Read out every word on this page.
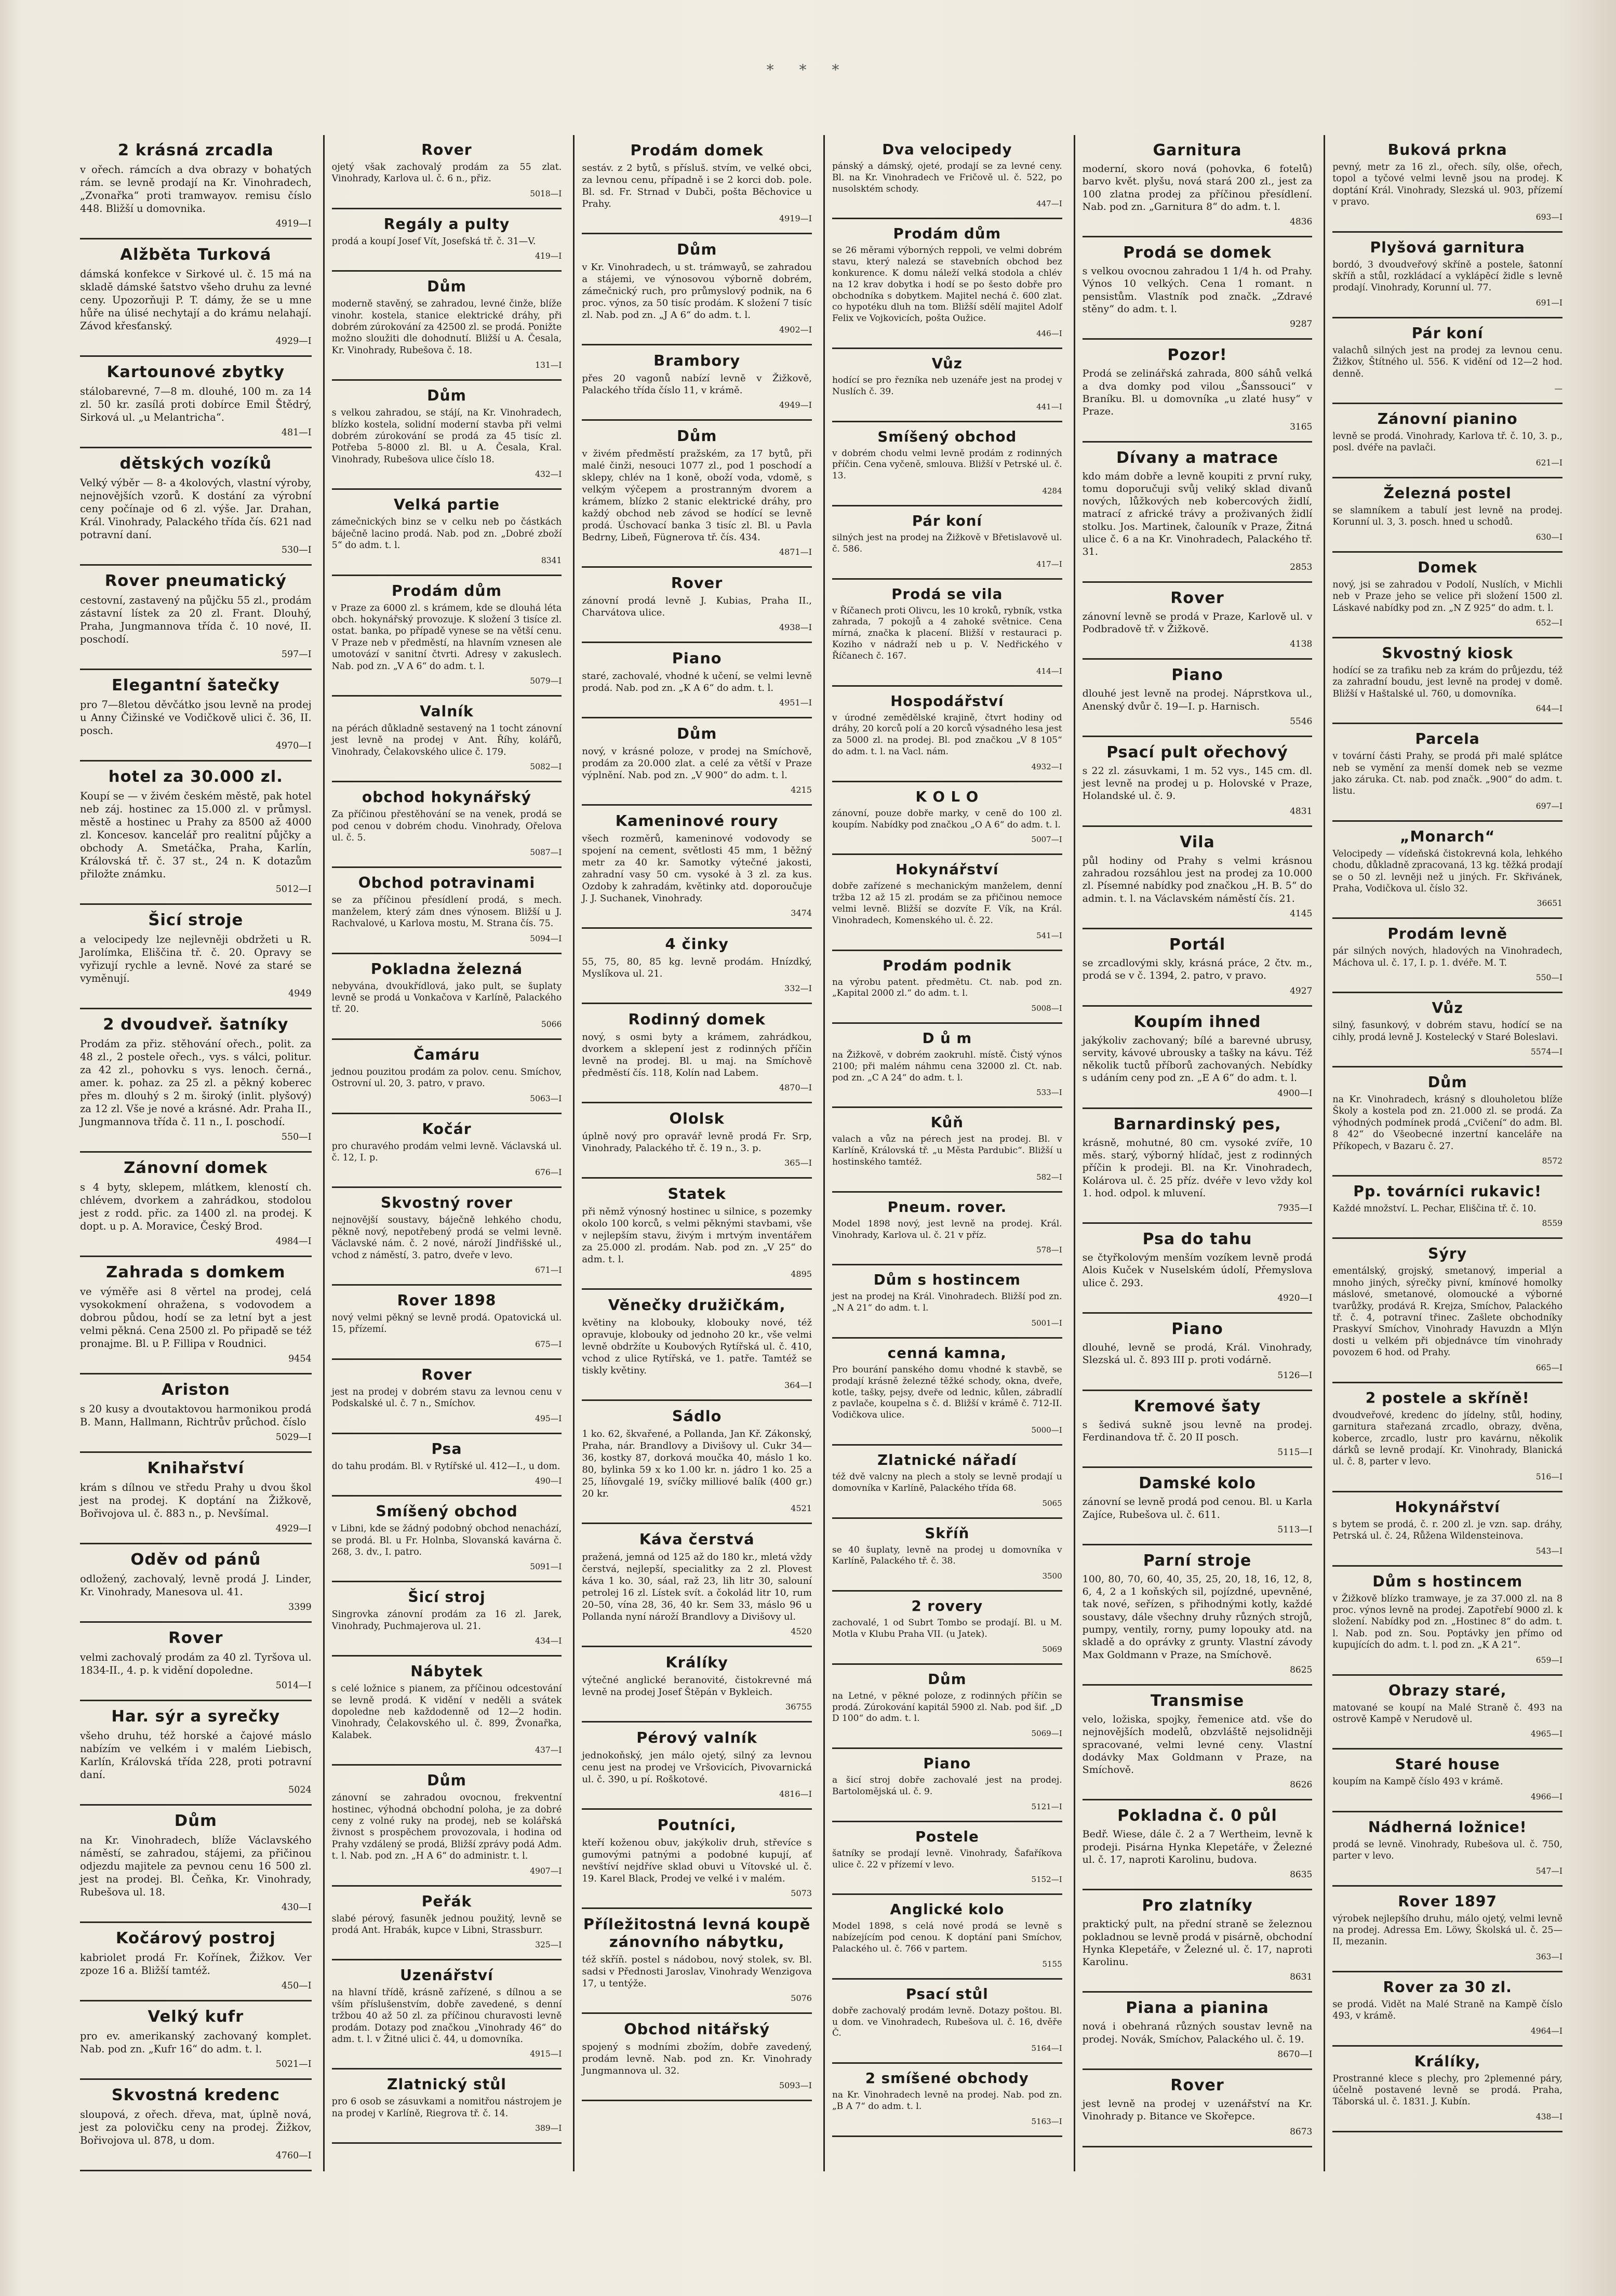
* * *
2 krásná zrcadla

v ořech. rámcích a dva obrazy v bohatých rám. se levně prodají na Kr. Vinohradech, „Zvonařka“ proti tramwayov. remisu číslo 448. Bližší u domovnika.

4919—I
Alžběta Turková

dámská konfekce v Sirkové ul. č. 15 má na skladě dámské šatstvo všeho druhu za levné ceny. Upozorňuji P. T. dámy, že se u mne hůře na úlisé nechytají a do krámu nelahají. Závod křesťanský.

4929—I
Kartounové zbytky

stálobarevné, 7—8 m. dlouhé, 100 m. za 14 zl. 50 kr. zasílá proti dobírce Emil Štědrý, Sirková ul. „u Melantricha“.

481—I
dětských vozíků

Velký výběr — 8- a 4kolových, vlastní výroby, nejnovějších vzorů. K dostání za výrobní ceny počínaje od 6 zl. výše. Jar. Drahan, Král. Vinohrady, Palackého třída čís. 621 nad potravní daní.

530—I
Rover pneumatický

cestovní, zastavený na půjčku 55 zl., prodám zástavní lístek za 20 zl. Frant. Dlouhý, Praha, Jungmannova třída č. 10 nové, II. poschodí.

597—I
Elegantní šatečky

pro 7—8letou děvčátko jsou levně na prodej u Anny Čižinské ve Vodičkově ulici č. 36, II. posch.

4970—I
hotel za 30.000 zl.

Koupí se — v živém českém městě, pak hotel neb záj. hostinec za 15.000 zl. v průmysl. městě a hostinec u Prahy za 8500 až 4000 zl. Koncesov. kancelář pro realitní půjčky a obchody A. Smetáčka, Praha, Karlín, Královská tř. č. 37 st., 24 n. K dotazům přiložte známku.

5012—I
Šicí stroje

a velocipedy lze nejlevněji obdržeti u R. Jarolímka, Eliščina tř. č. 20. Opravy se vyřizují rychle a levně. Nové za staré se vyměnují.

4949
2 dvoudveř. šatníky

Prodám za přiz. stěhování ořech., polit. za 48 zl., 2 postele ořech., vys. s válci, politur. za 42 zl., pohovku s vys. lenoch. černá., amer. k. pohaz. za 25 zl. a pěkný koberec přes m. dlouhý s 2 m. široký (inlit. plyšový) za 12 zl. Vše je nové a krásné. Adr. Praha II., Jungmannova třída č. 11 n., I. poschodí.

550—I
Zánovní domek

s 4 byty, sklepem, mlátkem, kleností ch. chlévem, dvorkem a zahrádkou, stodolou jest z rodd. přic. za 1400 zl. na prodej. K dopt. u p. A. Moravice, Český Brod.

4984—I
Zahrada s domkem

ve výměře asi 8 věrtel na prodej, celá vysokokmení ohražena, s vodovodem a dobrou půdou, hodí se za letní byt a jest velmi pěkná. Cena 2500 zl. Po připadě se též pronajme. Bl. u P. Fillipa v Roudnici.

9454
Ariston

s 20 kusy a dvoutaktovou harmonikou prodá B. Mann, Hallmann, Richtrův průchod. číslo

5029—I
Knihařství

krám s dílnou ve středu Prahy u dvou škol jest na prodej. K doptání na Žižkově, Bořivojova ul. č. 883 n., p. Nevšímal.

4929—I
Oděv od pánů

odložený, zachovalý, levně prodá J. Linder, Kr. Vinohrady, Manesova ul. 41.

3399
Rover

velmi zachovalý prodám za 40 zl. Tyršova ul. 1834-II., 4. p. k vidění dopoledne.

5014—I
Har. sýr a syrečky

všeho druhu, též horské a čajové máslo nabízím ve velkém i v malém Liebisch, Karlín, Královská třída 228, proti potravní daní.

5024
Dům

na Kr. Vinohradech, blíže Václavského náměstí, se zahradou, stájemi, za přičinou odjezdu majitele za pevnou cenu 16 500 zl. jest na prodej. Bl. Čeňka, Kr. Vinohrady, Rubešova ul. 18.

430—I
Kočárový postroj

kabriolet prodá Fr. Kořínek, Žižkov. Ver zpoze 16 a. Bližší tamtéž.

450—I
Velký kufr

pro ev. amerikanský zachovaný komplet. Nab. pod zn. „Kufr 16“ do adm. t. l.

5021—I
Skvostná kredenc

sloupová, z ořech. dřeva, mat, úplně nová, jest za polovičku ceny na prodej. Žižkov, Bořivojova ul. 878, u dom.

4760—I
Rover

ojetý však zachovalý prodám za 55 zlat. Vinohrady, Karlova ul. č. 6 n., přiz.

5018—I
Regály a pulty

prodá a koupí Josef Vít, Josefská tř. č. 31—V.

419—I
Dům

moderně stavěný, se zahradou, levné činže, blíže vinohr. kostela, stanice elektrické dráhy, při dobrém zúrokování za 42500 zl. se prodá. Ponižte možno sloužiti dle dohodnutí. Bližší u A. Česala, Kr. Vinohrady, Rubešova č. 18.

131—I
Dům

s velkou zahradou, se stájí, na Kr. Vinohradech, blízko kostela, solidní moderní stavba při velmi dobrém zúrokování se prodá za 45 tisíc zl. Potřeba 5-8000 zl. Bl. u A. Česala, Kral. Vinohrady, Rubešova ulice číslo 18.

432—I
Velká partie

zámečnických binz se v celku neb po částkách báječně lacino prodá. Nab. pod zn. „Dobré zboží 5“ do adm. t. l.

8341
Prodám dům

v Praze za 6000 zl. s krámem, kde se dlouhá léta obch. hokynářský provozuje. K složení 3 tisíce zl. ostat. banka, po případě vynese se na větší cenu. V Praze neb v předměstí, na hlavním vznesen ale umotovází v sanitní čtvrti. Adresy v zakuslech. Nab. pod zn. „V A 6“ do adm. t. l.

5079—I
Valník

na pérách důkladně sestavený na 1 tocht zánovní jest levně na prodej v Ant. Říhy, kolářů, Vinohrady, Čelakovského ulice č. 179.

5082—I
obchod hokynářský

Za příčinou přestěhování se na venek, prodá se pod cenou v dobrém chodu. Vinohrady, Ořelova ul. č. 5.

5087—I
Obchod potravinami

se za příčinou přesídlení prodá, s mech. manželem, který zám dnes výnosem. Bližší u J. Rachvalové, u Karlova mostu, M. Strana čís. 75.

5094—I
Pokladna železná

nebyvána, dvoukřídlová, jako pult, se šuplaty levně se prodá u Vonkačova v Karlíně, Palackého tř. 20.

5066
Čamáru

jednou pouzitou prodám za polov. cenu. Smíchov, Ostrovní ul. 20, 3. patro, v pravo.

5063—I
Kočár

pro churavého prodám velmi levně. Václavská ul. č. 12, I. p.

676—I
Skvostný rover

nejnovější soustavy, báječně lehkého chodu, pěkně nový, nepotřebený prodá se velmi levně. Václavské nám. č. 2 nové, nároží Jindřišské ul., vchod z náměstí, 3. patro, dveře v levo.

671—I
Rover 1898

nový velmi pěkný se levně prodá. Opatovická ul. 15, přízemí.

675—I
Rover

jest na prodej v dobrém stavu za levnou cenu v Podskalské ul. č. 7 n., Smíchov.

495—I
Psa

do tahu prodám. Bl. v Rytířské ul. 412—I., u dom.

490—I
Smíšený obchod

v Libni, kde se žádný podobný obchod nenachází, se prodá. Bl. u Fr. Holnba, Slovanská kavárna č. 268, 3. dv., I. patro.

5091—I
Šicí stroj

Singrovka zánovní prodám za 16 zl. Jarek, Vinohrady, Puchmajerova ul. 21.

434—I
Nábytek

s celé ložnice s pianem, za příčinou odcestování se levně prodá. K vidění v neděli a svátek dopoledne neb každodenně od 12—2 hodin. Vinohrady, Čelakovského ul. č. 899, Žvonařka, Kalabek.

437—I
Dům

zánovní se zahradou ovocnou, frekventní hostinec, výhodná obchodní poloha, je za dobré ceny z volné ruky na prodej, neb se kolářská živnost s prospěchem provozovala, i hodina od Prahy vzdálený se prodá, Bližší zprávy podá Adm. t. l. Nab. pod zn. „H A 6“ do administr. t. l.

4907—I
Peřák

slabé pérový, fasuněk jednou použitý, levně se prodá Ant. Hrabák, kupce v Libni, Strassburr.

325—I
Uzenářství

na hlavní třídě, krásně zařízené, s dílnou a se vším příslušenstvím, dobře zavedené, s denní tržbou 40 až 50 zl. za příčinou churavosti levně prodám. Dotazy pod značkou „Vinohrady 46“ do adm. t. l. v Žitné ulici č. 44, u domovníka.

4915—I
Zlatnický stůl

pro 6 osob se zásuvkami a nomitřou nástrojem je na prodej v Karlíně, Riegrova tř. č. 14.

389—I
Prodám domek

sestáv. z 2 bytů, s přísluš. stvím, ve velké obci, za levnou cenu, případně i se 2 korci dob. pole. Bl. sd. Fr. Strnad v Dubči, pošta Běchovice u Prahy.

4919—I
Dům

v Kr. Vinohradech, u st. trámwayů, se zahradou a stájemi, ve výnosovou výborně dobrém, zámečnický ruch, pro průmyslový podnik, na 6 proc. výnos, za 50 tisíc prodám. K složení 7 tisíc zl. Nab. pod zn. „J A 6“ do adm. t. l.

4902—I
Brambory

přes 20 vagonů nabízí levně v Žižkově, Palackého třída číslo 11, v krámě.

4949—I
Dům

v živém předměstí pražském, za 17 bytů, při malé činži, nesouci 1077 zl., pod 1 poschodí a sklepy, chlév na 1 koně, oboží voda, vdomě, s velkým výčepem a prostranným dvorem a krámem, blízko 2 stanic elektrické dráhy, pro každý obchod neb závod se hodící se levně prodá. Úschovací banka 3 tisíc zl. Bl. u Pavla Bedrny, Libeň, Fügnerova tř. čís. 434.

4871—I
Rover

zánovní prodá levně J. Kubias, Praha II., Charvátova ulice.

4938—I
Piano

staré, zachovalé, vhodné k učení, se velmi levně prodá. Nab. pod zn. „K A 6“ do adm. t. l.

4951—I
Dům

nový, v krásné poloze, v prodej na Smíchově, prodám za 20.000 zlat. a celé za větší v Praze výplnění. Nab. pod zn. „V 900“ do adm. t. l.

4215
Kameninové roury

všech rozměrů, kameninové vodovody se spojení na cement, světlosti 45 mm, 1 běžný metr za 40 kr. Samotky výtečné jakosti, zahradní vasy 50 cm. vysoké à 3 zl. za kus. Ozdoby k zahradám, květinky atd. doporoučuje J. J. Suchanek, Vinohrady.

3474
4 činky

55, 75, 80, 85 kg. levně prodám. Hnízdký, Myslíkova ul. 21.

332—I
Rodinný domek

nový, s osmi byty a krámem, zahrádkou, dvorkem a sklepení jest z rodinných příčin levně na prodej. Bl. u maj. na Smíchově předměstí čís. 118, Kolín nad Labem.

4870—I
Ololsk

úplně nový pro opravář levně prodá Fr. Srp, Vinohrady, Palackého tř. č. 19 n., 3. p.

365—I
Statek

při němž výnosný hostinec u silnice, s pozemky okolo 100 korců, s velmi pěknými stavbami, vše v nejlepším stavu, živým i mrtvým inventářem za 25.000 zl. prodám. Nab. pod zn. „V 25“ do adm. t. l.

4895
Věnečky družičkám,

květiny na klobouky, klobouky nové, též opravuje, klobouky od jednoho 20 kr., vše velmi levně obdržíte u Koubových Rytířská ul. č. 410, vchod z ulice Rytířská, ve 1. patře. Tamtéž se tiskly květiny.

364—I
Sádlo

1 ko. 62, škvařené, a Pollanda, Jan Kř. Zákonský, Praha, nár. Brandlovy a Divišovy ul. Cukr 34—36, kostky 87, dorková moučka 40, máslo 1 ko. 80, bylinka 59 x ko 1.00 kr. n. jádro 1 ko. 25 a 25, líňovgalé 19, svíčky milliové balík (400 gr.) 20 kr.

4521
Káva čerstvá

pražená, jemná od 125 až do 180 kr., mletá vždy čerstvá, nejlepší, specialitky za 2 zl. Plovest káva 1 ko. 30, sáal, raž 23, lih litr 30, salouní petrolej 16 zl. Lístek svít. a čokolád litr 10, rum 20–50, vína 28, 36, 40 kr. Sem 33, máslo 96 u Pollanda nyní nároží Brandlovy a Divišovy ul.

4520
Králíky

výtečné anglické beranovité, čistokrevné má levně na prodej Josef Štěpán v Bykleich.

36755
Pérový valník

jednokoňský, jen málo ojetý, silný za levnou cenu jest na prodej ve Vršovicích, Pivovarnická ul. č. 390, u pí. Roškotové.

4816—I
Poutníci,

kteří koženou obuv, jakýkoliv druh, střevíce s gumovými patnými a podobné kupují, ať nevštíví nejdříve sklad obuvi u Vítovské ul. č. 19. Karel Black, Prodej ve velké i v malém.

5073
Příležitostná levná koupě zánovního nábytku,

též skříň. postel s nádobou, nový stolek, sv. Bl. sadsi v Přednosti Jaroslav, Vinohrady Wenzigova 17, u tentýže.

5076
Obchod nitářský

spojený s modními zbožím, dobře zavedený, prodám levně. Nab. pod zn. Kr. Vinohrady Jungmannova ul. 32.

5093—I
Dva velocipedy

pánský a dámský, ojeté, prodají se za levné ceny. Bl. na Kr. Vinohradech ve Fričově ul. č. 522, po nusolsktém schody.

447—I
Prodám dům

se 26 měrami výborných reppoli, ve velmi dobrém stavu, který nalezá se stavebních obchod bez konkurence. K domu náleží velká stodola a chlév na 12 krav dobytka i hodí se po šesto dobře pro obchodníka s dobytkem. Majitel nechá č. 600 zlat. co hypotéku dluh na tom. Bližší sdělí majitel Adolf Felix ve Vojkovicích, pošta Oužice.

446—I
Vůz

hodící se pro řezníka neb uzenáře jest na prodej v Nuslích č. 39.

441—I
Smíšený obchod

v dobrém chodu velmi levně prodám z rodinných příčin. Cena vyčeně, smlouva. Bližší v Petrské ul. č. 13.

4284
Pár koní

silných jest na prodej na Žižkově v Břetislavově ul. č. 586.

417—I
Prodá se vila

v Říčanech proti Olivcu, les 10 kroků, rybník, vstka zahrada, 7 pokojů a 4 zahoké světnice. Cena mírná, značka k placení. Bližší v restauraci p. Koziho v nádraží neb u p. V. Nedřického v Říčanech č. 167.

414—I
Hospodářství

v úrodné zemědělské krajině, čtvrt hodiny od dráhy, 20 korců polí a 20 korců výsadného lesa jest za 5000 zl. na prodej. Bl. pod značkou „V 8 105“ do adm. t. l. na Vacl. nám.

4932—I
K O L O

zánovní, pouze dobře marky, v ceně do 100 zl. koupím. Nabídky pod značkou „O A 6“ do adm. t. l.

5007—I
Hokynářství

dobře zařízené s mechanickým manželem, denní tržba 12 až 15 zl. prodám se za přičinou nemoce velmi levně. Bližší se dozvíte F. Vík, na Král. Vinohradech, Komenského ul. č. 22.

541—I
Prodám podnik

na výrobu patent. předmětu. Ct. nab. pod zn. „Kapital 2000 zl.“ do adm. t. l.

5008—I
D ů m

na Žižkově, v dobrém zaokruhl. místě. Čistý výnos 2100; při malém náhmu cena 32000 zl. Ct. nab. pod zn. „C A 24“ do adm. t. l.

533—I
Kůň

valach a vůz na pérech jest na prodej. Bl. v Karlíně, Královská tř. „u Města Pardubic“. Bližší u hostinského tamtéž.

582—I
Pneum. rover.

Model 1898 nový, jest levně na prodej. Král. Vinohrady, Karlova ul. č. 21 v příz.

578—I
Dům s hostincem

jest na prodej na Král. Vinohradech. Bližší pod zn. „N A 21“ do adm. t. l.

5001—I
cenná kamna,

Pro bourání panského domu vhodné k stavbě, se prodají krásně železné těžké schody, okna, dveře, kotle, tašky, pejsy, dveře od lednic, kůlen, zábradlí z pavlače, koupelna s č. d. Bližší v krámě č. 712-II. Vodičkova ulice.

5000—I
Zlatnické nářadí

též dvě valcny na plech a stoly se levně prodají u domovníka v Karlíně, Palackého třída 68.

5065
Skříň

se 40 šuplaty, levně na prodej u domovníka v Karlíně, Palackého tř. č. 38.

3500
2 rovery

zachovalé, 1 od Subrt Tombo se prodají. Bl. u M. Motla v Klubu Praha VII. (u Jatek).

5069
Dům

na Letné, v pěkné poloze, z rodinných příčin se prodá. Zúrokování kapitál 5900 zl. Nab. pod šif. „D D 100“ do adm. t. l.

5069—I
Piano

a šicí stroj dobře zachovalé jest na prodej. Bartolomějská ul. č. 9.

5121—I
Postele

šatníky se prodají levně. Vinohrady, Šafaříkova ulice č. 22 v přízemí v levo.

5152—I
Anglické kolo

Model 1898, s celá nové prodá se levně s nabízejícím pod cenou. K doptání pani Smíchov, Palackého ul. č. 766 v partem.

5155
Psací stůl

dobře zachovalý prodám levně. Dotazy poštou. Bl. u dom. ve Vinohradech, Rubešova ul. č. 16, dvěře Č.

5164—I
2 smíšené obchody

na Kr. Vinohradech levně na prodej. Nab. pod zn. „B A 7“ do adm. t. l.

5163—I
Garnitura

moderní, skoro nová (pohovka, 6 fotelů) barvo květ. plyšu, nová stará 200 zl., jest za 100 zlatna prodej za příčinou přesídlení. Nab. pod zn. „Garnitura 8“ do adm. t. l.

4836
Prodá se domek

s velkou ovocnou zahradou 1 1/4 h. od Prahy. Výnos 10 velkých. Cena 1 romant. n pensistům. Vlastník pod značk. „Zdravé stěny“ do adm. t. l.

9287
Pozor!

Prodá se zelinářská zahrada, 800 sáhů velká a dva domky pod vilou „Šanssouci“ v Braníku. Bl. u domovníka „u zlaté husy“ v Praze.

3165
Dívany a matrace

kdo mám dobře a levně koupiti z první ruky, tomu doporučuji svůj veliký sklad divanů nových, lůžkových neb kobercových židlí, matrací z africké trávy a proživaných židlí stolku. Jos. Martinek, čalouník v Praze, Žitná ulice č. 6 a na Kr. Vinohradech, Palackého tř. 31.

2853
Rover

zánovní levně se prodá v Praze, Karlově ul. v Podbradově tř. v Žižkově.

4138
Piano

dlouhé jest levně na prodej. Náprstkova ul., Anenský dvůr č. 19—I. p. Harnisch.

5546
Psací pult ořechový

s 22 zl. zásuvkami, 1 m. 52 vys., 145 cm. dl. jest levně na prodej u p. Holovské v Praze, Holandské ul. č. 9.

4831
Vila

půl hodiny od Prahy s velmi krásnou zahradou rozsáhlou jest na prodej za 10.000 zl. Písemné nabídky pod značkou „H. B. 5“ do admin. t. l. na Václavském náměstí čís. 21.

4145
Portál

se zrcadlovými skly, krásná práce, 2 čtv. m., prodá se v č. 1394, 2. patro, v pravo.

4927
Koupím ihned

jakýkoliv zachovaný; bílé a barevné ubrusy, servity, kávové ubrousky a tašky na kávu. Též několik tuctů příborů zachovaných. Nebídky s udáním ceny pod zn. „E A 6“ do adm. t. l.

4900—I
Barnardinský pes,

krásně, mohutné, 80 cm. vysoké zvíře, 10 měs. starý, výborný hlídač, jest z rodinných příčin k prodeji. Bl. na Kr. Vinohradech, Kolárova ul. č. 25 příz. dvéře v levo vždy kol 1. hod. odpol. k mluvení.

7935—I
Psa do tahu

se čtyřkolovým menším vozíkem levně prodá Alois Kuček v Nuselském údolí, Přemyslova ulice č. 293.

4920—I
Piano

dlouhé, levně se prodá, Král. Vinohrady, Slezská ul. č. 893 III p. proti vodárně.

5126—I
Kremové šaty

s šedivá sukně jsou levně na prodej. Ferdinandova tř. č. 20 II posch.

5115—I
Damské kolo

zánovní se levně prodá pod cenou. Bl. u Karla Zajíce, Rubešova ul. č. 611.

5113—I
Parní stroje

100, 80, 70, 60, 40, 35, 25, 20, 18, 16, 12, 8, 6, 4, 2 a 1 koňských sil, pojízdné, upevněné, tak nové, seřízen, s přihodnými kotly, každé soustavy, dále všechny druhy různých strojů, pumpy, ventily, rorny, pumy lopouky atd. na skladě a do oprávky z grunty. Vlastní závody Max Goldmann v Praze, na Smíchově.

8625
Transmise

velo, ložiska, spojky, řemenice atd. vše do nejnovějších modelů, obzvláště nejsolidněji spracované, velmi levné ceny. Vlastní dodávky Max Goldmann v Praze, na Smíchově.

8626
Pokladna č. 0 půl

Bedř. Wiese, dále č. 2 a 7 Wertheim, levně k prodeji. Pisárna Hynka Klepetáře, v Železné ul. č. 17, naproti Karolinu, budova.

8635
Pro zlatníky

praktický pult, na přední straně se železnou pokladnou se levně prodá v pisárně, obchodní Hynka Klepetáře, v Železné ul. č. 17, naproti Karolinu.

8631
Piana a pianina

nová i obehraná různých soustav levně na prodej. Novák, Smíchov, Palackého ul. č. 19.

8670—I
Rover

jest levně na prodej v uzenářství na Kr. Vinohrady p. Bitance ve Skořepce.

8673
Buková prkna

pevný, metr za 16 zl., ořech. síly, olše, ořech, topol a tyčové velmi levně jsou na prodej. K doptání Král. Vinohrady, Slezská ul. 903, přízemí v pravo.

693—I
Plyšová garnitura

bordó, 3 dvoudveřový skříně a postele, šatonní skříň a stůl, rozkládací a vyklápěcí židle s levně prodají. Vinohrady, Korunní ul. 77.

691—I
Pár koní

valachů silných jest na prodej za levnou cenu. Žižkov, Štítného ul. 556. K vidění od 12—2 hod. denně.

—
Zánovní pianino

levně se prodá. Vinohrady, Karlova tř. č. 10, 3. p., posl. dvéře na pavlači.

621—I
Železná postel

se slamníkem a tabulí jest levně na prodej. Korunní ul. 3, 3. posch. hned u schodů.

630—I
Domek

nový, jsi se zahradou v Podolí, Nuslích, v Michli neb v Praze jeho se velice při složení 1500 zl. Láskavé nabídky pod zn. „N Z 925“ do adm. t. l.

652—I
Skvostný kiosk

hodící se za trafiku neb za krám do průjezdu, též za zahradní boudu, jest levně na prodej v domě. Bližší v Haštalské ul. 760, u domovníka.

644—I
Parcela

v tovární části Prahy, se prodá při malé splátce neb se vymění za menší domek neb se vezme jako záruka. Ct. nab. pod značk. „900“ do adm. t. listu.

697—I
„Monarch“

Velocipedy — vídeňská čistokrevná kola, lehkého chodu, důkladně zpracovaná, 13 kg. těžká prodají se o 50 zl. levněji než u jiných. Fr. Skřivánek, Praha, Vodičkova ul. číslo 32.

36651
Prodám levně

pár silných nových, hladových na Vinohradech, Máchova ul. č. 17, I. p. 1. dvéře. M. T.

550—I
Vůz

silný, fasunkový, v dobrém stavu, hodící se na cihly, prodá levně J. Kostelecký v Staré Boleslavi.

5574—I
Dům

na Kr. Vinohradech, krásný s dlouholetou blíže Školy a kostela pod zn. 21.000 zl. se prodá. Za výhodných podmínek prodá „Cvičení“ do adm. Bl. 8 42“ do Všeobecné inzertní kanceláře na Příkopech, v Bazaru č. 27.

8572
Pp. továrníci rukavic!

Každé množství. L. Pechar, Eliščina tř. č. 10.

8559
Sýry

ementálský, grojský, smetanový, imperial a mnoho jiných, sýrečky pivní, kmínové homolky máslové, smetanové, olomoucké a výborné tvarůžky, prodává R. Krejza, Smíchov, Palackého tř. č. 4, potravní třinec. Zašlete obchodníky Praskyví Smíchov, Vinohrady Havuzdn a Mlýn dosti u velkém při objednávce tím vinohrady povozem 6 hod. od Prahy.

665—I
2 postele a skříně!

dvoudveřové, kredenc do jídelny, stůl, hodiny, garnitura stařezaná zrcadlo, obrazy, dvěna, koberce, zrcadlo, lustr pro kavárnu, několik dárků se levně prodají. Kr. Vinohrady, Blanická ul. č. 8, parter v levo.

516—I
Hokynářství

s bytem se prodá, č. r. 200 zl. je vzn. sap. dráhy, Petrská ul. č. 24, Růžena Wildensteinova.

543—I
Dům s hostincem

v Žižkově blízko tramwaye, je za 37.000 zl. na 8 proc. výnos levně na prodej. Zapotřebí 9000 zl. k složení. Nabídky pod zn. „Hostinec 8“ do adm. t. l. Nab. pod zn. Sou. Poptávky jen přímo od kupujících do adm. t. l. pod zn. „K A 21“.

659—I
Obrazy staré,

matované se koupí na Malé Straně č. 493 na ostrově Kampě v Nerudově ul.

4965—I
Staré house

koupím na Kampě číslo 493 v krámě.

4966—I
Nádherná ložnice!

prodá se levně. Vinohrady, Rubešova ul. č. 750, parter v levo.

547—I
Rover 1897

výrobek nejlepšího druhu, málo ojetý, velmi levně na prodej. Adressa Em. Löwy, Školská ul. č. 25—II, mezanin.

363—I
Rover za 30 zl.

se prodá. Vidět na Malé Straně na Kampě číslo 493, v krámě.

4964—I
Králíky,

Prostranné klece s plechy, pro 2plemenné páry, účelně postavené levně se prodá. Praha, Táborská ul. č. 1831. J. Kubín.

438—I
